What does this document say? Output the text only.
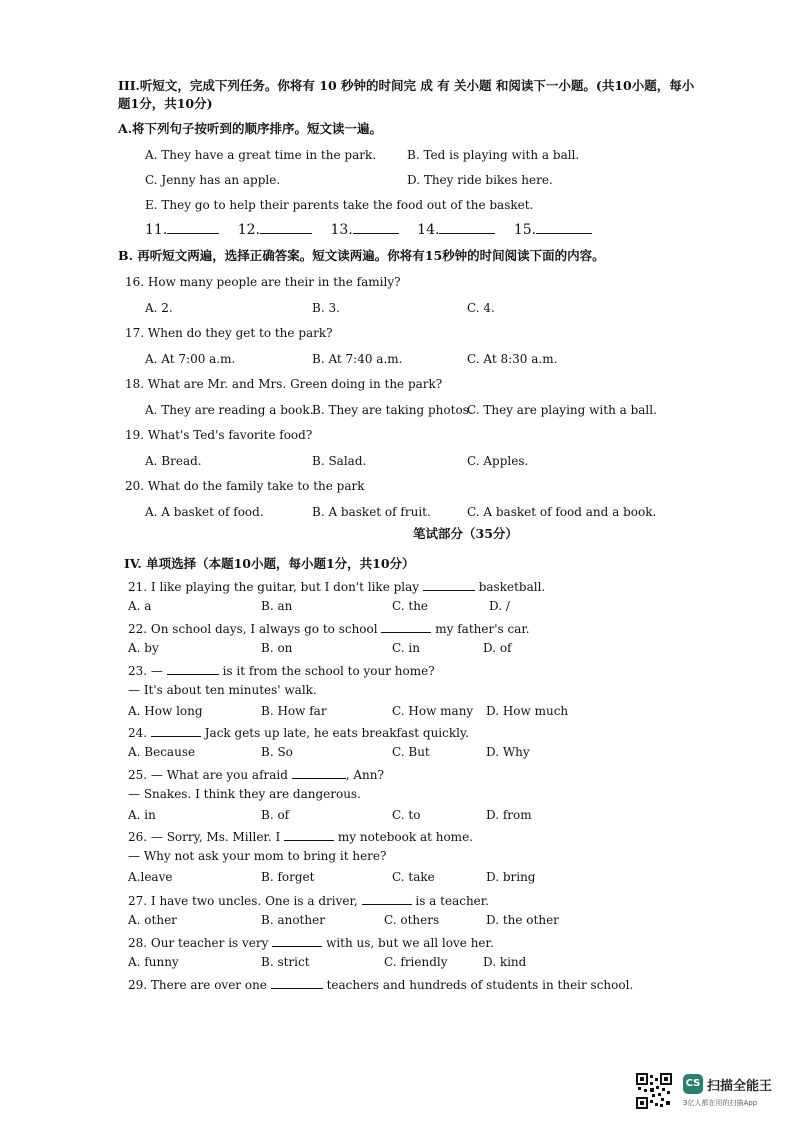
III.听短文，完成下列任务。你将有 10 秒钟的时间完 成 有 关小题 和阅读下一小题。(共10小题，每小
题1分，共10分)
A.将下列句子按听到的顺序排序。短文读一遍。
A. They have a great time in the park.	B. Ted is playing with a ball.
C. Jenny has an apple.	D. They ride bikes here.
E. They go to help their parents take the food out of the basket.
11.	12.	13.	14.	15.
B. 再听短文两遍，选择正确答案。短文读两遍。你将有15秒钟的时间阅读下面的内容。
16. How many people are their in the family?
A. 2.	B. 3.	C. 4.
17. When do they get to the park?
A. At 7:00 a.m.	B. At 7:40 a.m.	C. At 8:30 a.m.
18. What are Mr. and Mrs. Green doing in the park?
A. They are reading a book.
B. They are taking photos.
C. They are playing with a ball.
19. What's Ted's favorite food?
A. Bread.	B. Salad.	C. Apples.
20. What do the family take to the park
A. A basket of food.	B. A basket of fruit.	C. A basket of food and a book.
笔试部分（35分）
IV. 单项选择（本题10小题，每小题1分，共10分）
21. I like playing the guitar, but I don't like play	basketball.
A. a	B. an	C. the	D. /
22. On school days, I always go to school	my father's car.
A. by	B. on	C. in	D. of
23. —	is it from the school to your home?
— It's about ten minutes' walk.
A. How long	B. How far	C. How many D. How much
24.	Jack gets up late, he eats breakfast quickly.
A. Because	B. So	C. But	D. Why
25. — What are you afraid	, Ann?
— Snakes. I think they are dangerous.
A. in	B. of	C. to	D. from
26. — Sorry, Ms. Miller. I	my notebook at home.
— Why not ask your mom to bring it here?
A.leave	B. forget	C. take	D. bring
27. I have two uncles. One is a driver,	is a teacher.
A. other	B. another	C. others	D. the other
28. Our teacher is very	with us, but we all love her.
A. funny	B. strict	C. friendly	D. kind
29. There are over one	teachers and hundreds of students in their school.
CS 扫描全能王
3亿人都在用的扫描App
